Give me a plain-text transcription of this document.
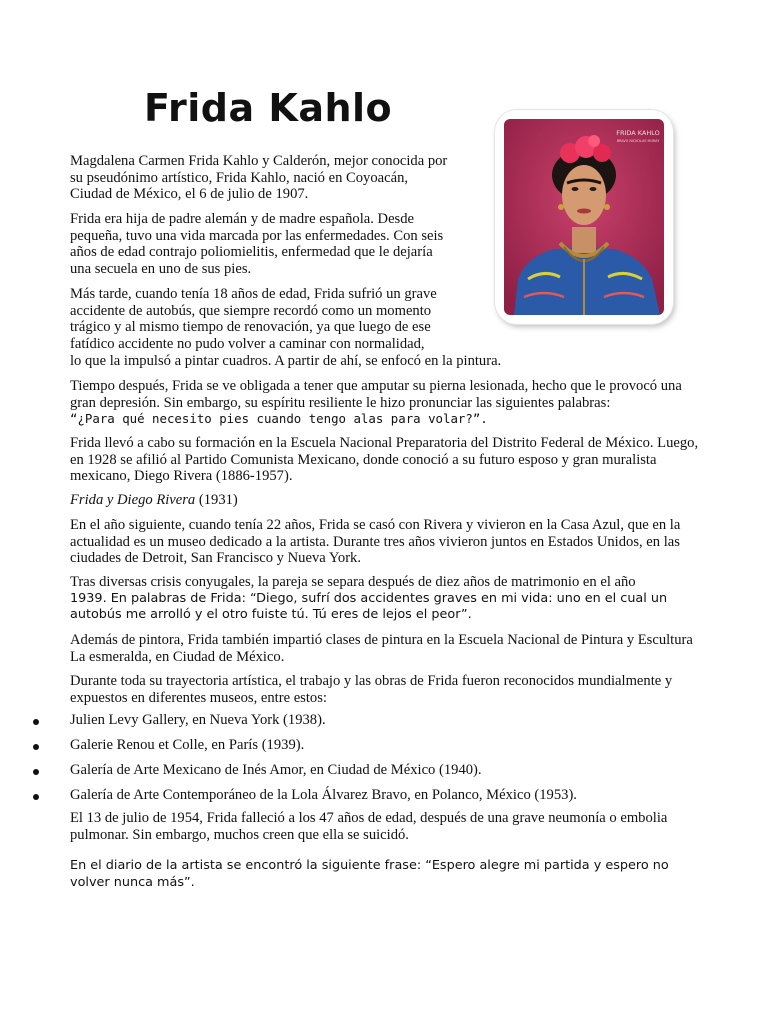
Frida Kahlo
FRIDA KAHLO
BRAVO NICKOLAS MURAY

Magdalena Carmen Frida Kahlo y Calderón, mejor conocida por su pseudónimo artístico, Frida Kahlo, nació en Coyoacán, Ciudad de México, el 6 de julio de 1907.

Frida era hija de padre alemán y de madre española. Desde pequeña, tuvo una vida marcada por las enfermedades. Con seis años de edad contrajo poliomielitis, enfermedad que le dejaría una secuela en uno de sus pies.

Más tarde, cuando tenía 18 años de edad, Frida sufrió un grave accidente de autobús, que siempre recordó como un momento trágico y al mismo tiempo de renovación, ya que luego de ese fatídico accidente no pudo volver a caminar con normalidad,

lo que la impulsó a pintar cuadros. A partir de ahí, se enfocó en la pintura.

Tiempo después, Frida se ve obligada a tener que amputar su pierna lesionada, hecho que le provocó una gran depresión. Sin embargo, su espíritu resiliente le hizo pronunciar las siguientes palabras:

“¿Para qué necesito pies cuando tengo alas para volar?”.

Frida llevó a cabo su formación en la Escuela Nacional Preparatoria del Distrito Federal de México. Luego, en 1928 se afilió al Partido Comunista Mexicano, donde conoció a su futuro esposo y gran muralista mexicano, Diego Rivera (1886-1957).

Frida y Diego Rivera (1931)

En el año siguiente, cuando tenía 22 años, Frida se casó con Rivera y vivieron en la Casa Azul, que en la actualidad es un museo dedicado a la artista. Durante tres años vivieron juntos en Estados Unidos, en las ciudades de Detroit, San Francisco y Nueva York.

Tras diversas crisis conyugales, la pareja se separa después de diez años de matrimonio en el año

1939. En palabras de Frida: “Diego, sufrí dos accidentes graves en mi vida: uno en el cual un autobús me arrolló y el otro fuiste tú. Tú eres de lejos el peor”.

Además de pintora, Frida también impartió clases de pintura en la Escuela Nacional de Pintura y Escultura La esmeralda, en Ciudad de México.

Durante toda su trayectoria artística, el trabajo y las obras de Frida fueron reconocidos mundialmente y expuestos en diferentes museos, entre estos:

Julien Levy Gallery, en Nueva York (1938).
Galerie Renou et Colle, en París (1939).
Galería de Arte Mexicano de Inés Amor, en Ciudad de México (1940).
Galería de Arte Contemporáneo de la Lola Álvarez Bravo, en Polanco, México (1953).

El 13 de julio de 1954, Frida falleció a los 47 años de edad, después de una grave neumonía o embolia pulmonar. Sin embargo, muchos creen que ella se suicidó.

En el diario de la artista se encontró la siguiente frase: “Espero alegre mi partida y espero no volver nunca más”.
